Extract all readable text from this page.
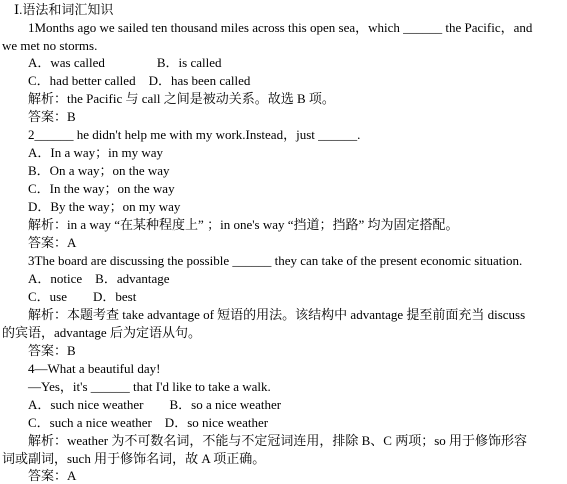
Ⅰ.语法和词汇知识
1Months ago we sailed ten thousand miles across this open sea，which ______ the Pacific，and
we met no storms.
A．was called　　　　B．is called
C．had better called　D．has been called
解析：the Pacific 与 call 之间是被动关系。故选 B 项。
答案：B
2______ he didn't help me with my work.Instead，just ______.
A．In a way；in my way
B．On a way；on the way
C．In the way；on the way
D．By the way；on my way
解析：in a way “在某种程度上” ；in one's way “挡道；挡路” 均为固定搭配。
答案：A
3The board are discussing the possible ______ they can take of the present economic situation.
A．notice　B．advantage
C．use　　D．best
解析：本题考查 take advantage of 短语的用法。该结构中 advantage 提至前面充当 discuss
的宾语，advantage 后为定语从句。
答案：B
4—What a beautiful day!
—Yes，it's ______ that I'd like to take a walk.
A．such nice weather　　B．so a nice weather
C．such a nice weather　D．so nice weather
解析：weather 为不可数名词，不能与不定冠词连用，排除 B、C 两项；so 用于修饰形容
词或副词，such 用于修饰名词，故 A 项正确。
答案：A
